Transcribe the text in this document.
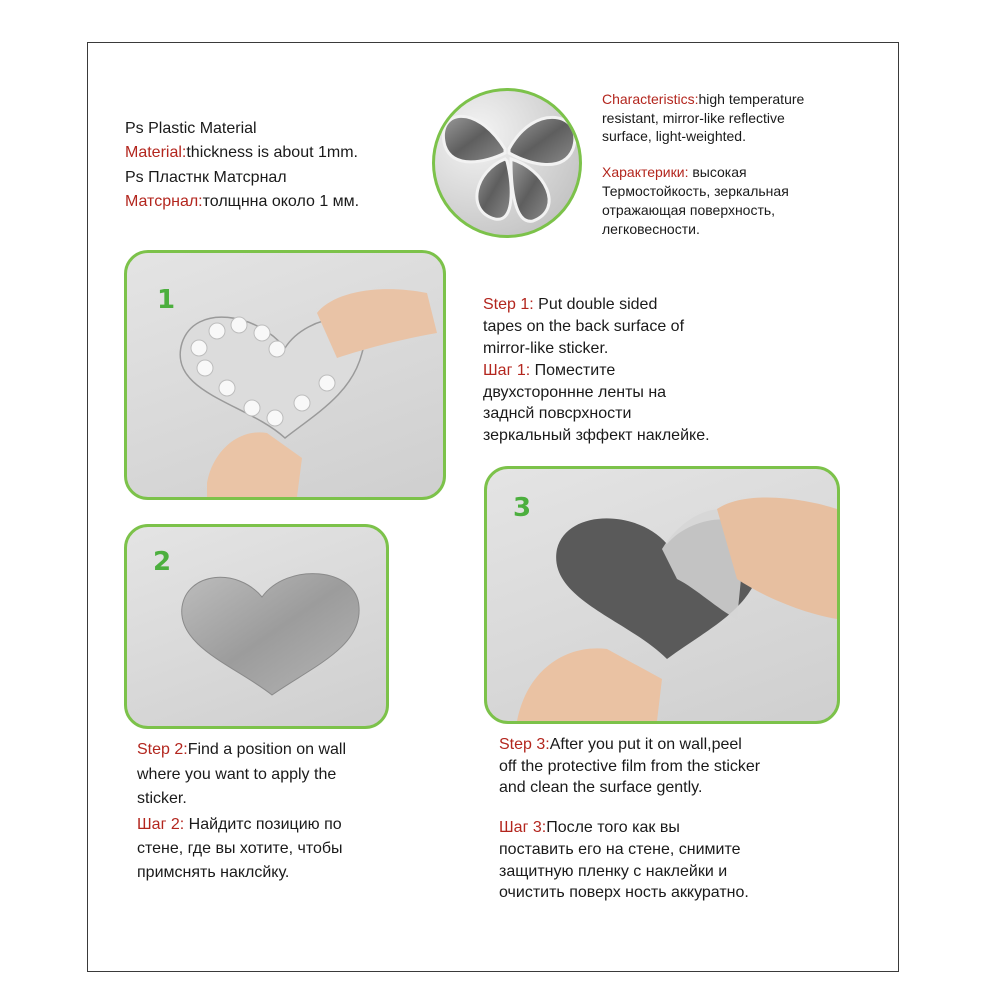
Ps Plastic Material

Material:thickness is about 1mm.

Ps Пластнк Матсрнал

Матсрнал:толщнна около 1 мм.

Characteristics:high temperature

resistant, mirror-like reflective

surface, light-weighted.

Характерики: высокая

Термостойкость, зеркальная

отражающая поверхность,

легковесности.

1	Step 1: Put double sided

tapes on the back surface of

mirror-like sticker.

Шаг 1: Поместите

двухстороннне ленты на

заднсй повсрхности

зеркальный зффект наклейке.

3
2

Step 2:Find a position on wall

where you want to apply the

sticker.

Шаг 2: Найдитс позицию по

стене, где вы хотите, чтобы

примснять наклсйку.

Step 3:After you put it on wall,peel

off the protective film from the sticker

and clean the surface gently.

Шаг 3:После того как вы

поставить его на стене, снимите

защитную пленку с наклейки и

очистить поверх ность аккуратно.
